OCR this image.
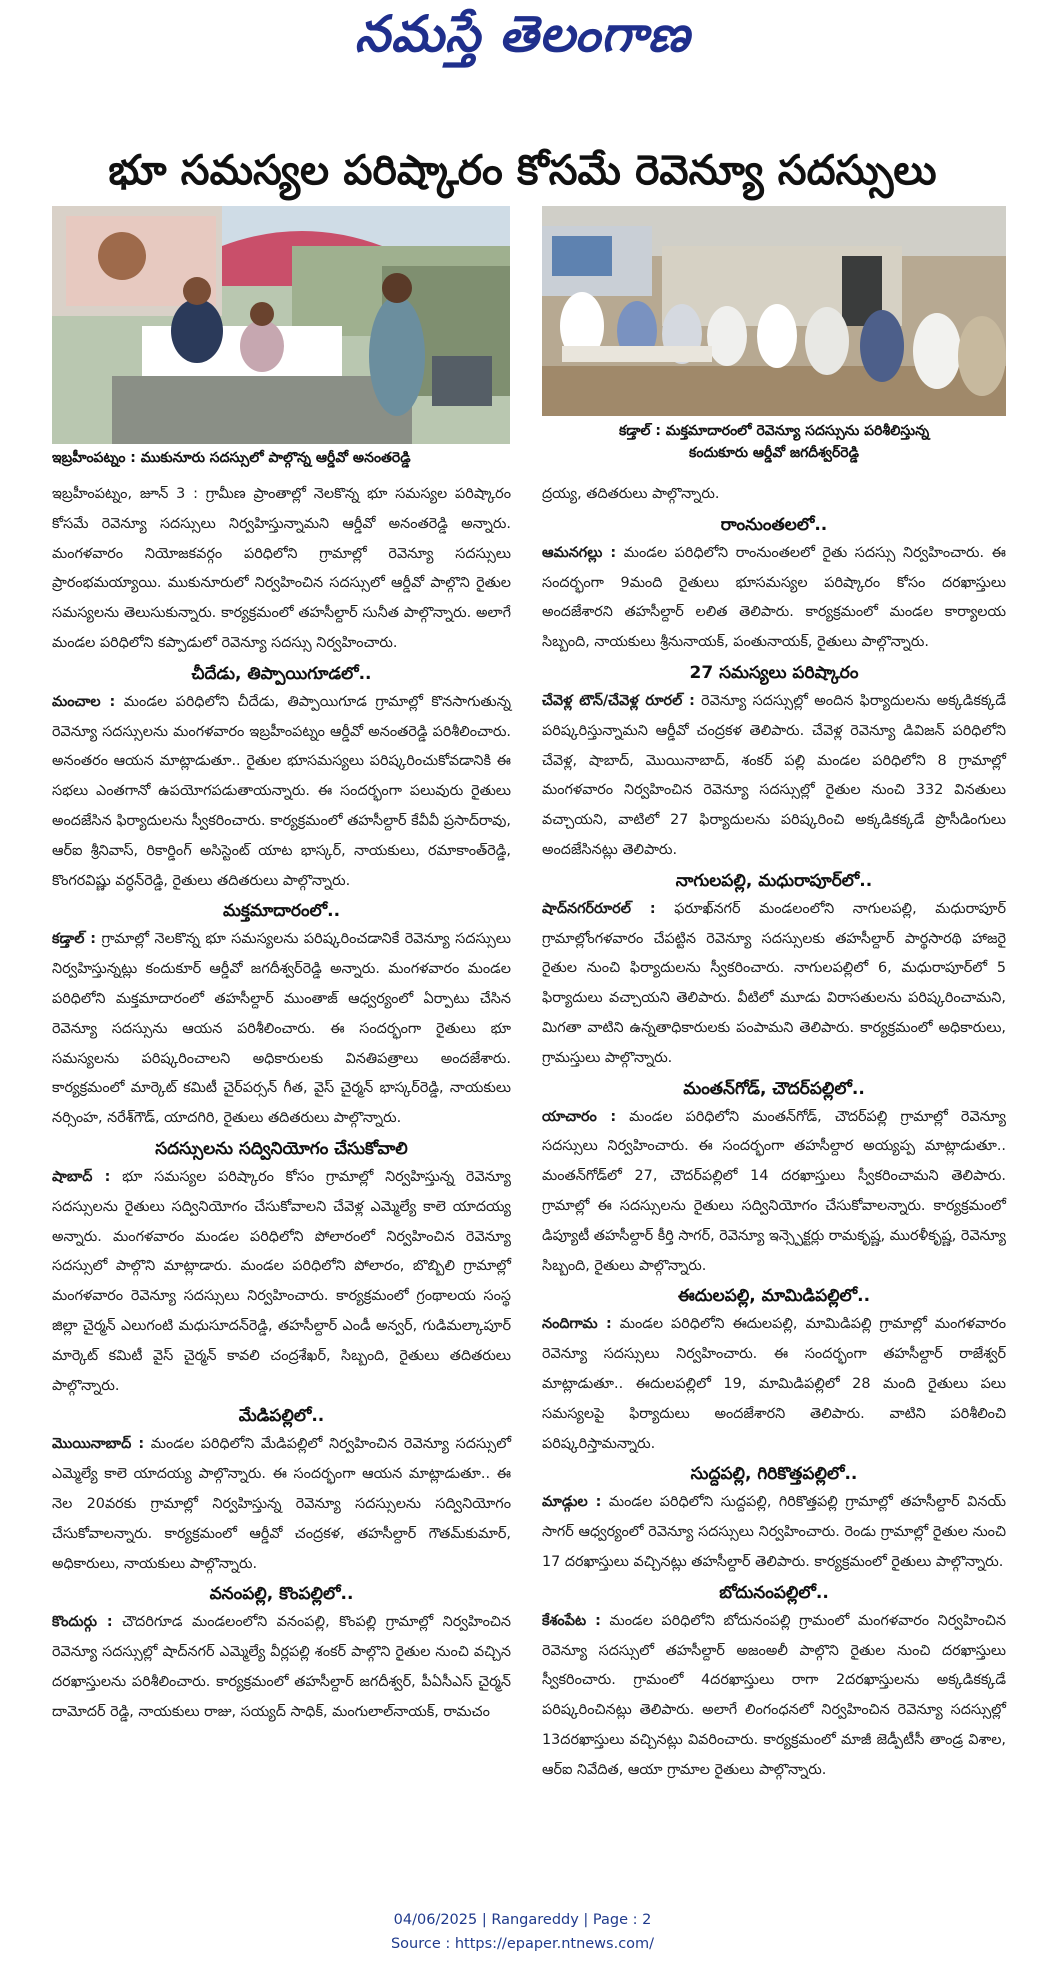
నమస్తే తెలంగాణ
భూ సమస్యల పరిష్కారం కోసమే రెవెన్యూ సదస్సులు
ఇబ్రహీంపట్నం : ముకునూరు సదస్సులో పాల్గొన్న ఆర్డీవో అనంతరెడ్డి
కడ్తాల్ : మక్తమాదారంలో రెవెన్యూ సదస్సును పరిశీలిస్తున్న
కందుకూరు ఆర్డీవో జగదీశ్వర్‌రెడ్డి

ఇబ్రహీంపట్నం, జూన్ 3 : గ్రామీణ ప్రాంతాల్లో నెలకొన్న భూ సమస్యల పరిష్కారం కోసమే రెవెన్యూ సదస్సులు నిర్వహిస్తున్నామని ఆర్డీవో అనంతరెడ్డి అన్నారు. మంగళవారం నియోజకవర్గం పరిధిలోని గ్రామాల్లో రెవెన్యూ సదస్సులు ప్రారంభమయ్యాయి. ముకునూరులో నిర్వహించిన సదస్సులో ఆర్డీవో పాల్గొని రైతుల సమస్యలను తెలుసుకున్నారు. కార్యక్రమంలో తహసీల్దార్ సునీత పాల్గొన్నారు. అలాగే మండల పరిధిలోని కప్పాడులో రెవెన్యూ సదస్సు నిర్వహించారు.

చీదేడు, తిప్పాయిగూడలో..

మంచాల : మండల పరిధిలోని చీదేడు, తిప్పాయిగూడ గ్రామాల్లో కొనసాగుతున్న రెవెన్యూ సదస్సులను మంగళవారం ఇబ్రహీంపట్నం ఆర్డీవో అనంతరెడ్డి పరిశీలించారు. అనంతరం ఆయన మాట్లాడుతూ.. రైతుల భూసమస్యలు పరిష్కరించుకోవడానికి ఈ సభలు ఎంతగానో ఉపయోగపడుతాయన్నారు. ఈ సందర్భంగా పలువురు రైతులు అందజేసిన ఫిర్యాదులను స్వీకరించారు. కార్యక్రమంలో తహసీల్దార్ కేవీవీ ప్రసాద్‌రావు, ఆర్‌ఐ శ్రీనివాస్, రికార్డింగ్ అసిస్టెంట్ యాట భాస్కర్, నాయకులు, రమాకాంత్‌రెడ్డి, కొంగరవిష్ణు వర్ధన్‌రెడ్డి, రైతులు తదితరులు పాల్గొన్నారు.

మక్తమాదారంలో..

కడ్తాల్ : గ్రామాల్లో నెలకొన్న భూ సమస్యలను పరిష్కరించడానికే రెవెన్యూ సదస్సులు నిర్వహిస్తున్నట్లు కందుకూర్ ఆర్డీవో జగదీశ్వర్‌రెడ్డి అన్నారు. మంగళవారం మండల పరిధిలోని మక్తమాదారంలో తహసీల్దార్ ముంతాజ్ ఆధ్వర్యంలో ఏర్పాటు చేసిన రెవెన్యూ సదస్సును ఆయన పరిశీలించారు. ఈ సందర్భంగా రైతులు భూ సమస్యలను పరిష్కరించాలని అధికారులకు వినతిపత్రాలు అందజేశారు. కార్యక్రమంలో మార్కెట్ కమిటీ చైర్‌పర్సన్ గీత, వైస్ చైర్మన్ భాస్కర్‌రెడ్డి, నాయకులు నర్సింహ, నరేశ్‌గౌడ్, యాదగిరి, రైతులు తదితరులు పాల్గొన్నారు.

సదస్సులను సద్వినియోగం చేసుకోవాలి

షాబాద్ : భూ సమస్యల పరిష్కారం కోసం గ్రామాల్లో నిర్వహిస్తున్న రెవెన్యూ సదస్సులను రైతులు సద్వినియోగం చేసుకోవాలని చేవెళ్ల ఎమ్మెల్యే కాలె యాదయ్య అన్నారు. మంగళవారం మండల పరిధిలోని పోలారంలో నిర్వహించిన రెవెన్యూ సదస్సులో పాల్గొని మాట్లాడారు. మండల పరిధిలోని పోలారం, బొబ్బిలి గ్రామాల్లో మంగళవారం రెవెన్యూ సదస్సులు నిర్వహించారు. కార్యక్రమంలో గ్రంథాలయ సంస్థ జిల్లా చైర్మన్ ఎలుగంటి మధుసూదన్‌రెడ్డి, తహసీల్దార్ ఎండీ అన్వర్, గుడిమల్కాపూర్ మార్కెట్ కమిటీ వైస్ చైర్మన్ కావలి చంద్రశేఖర్, సిబ్బంది, రైతులు తదితరులు పాల్గొన్నారు.

మేడిపల్లిలో..

మొయినాబాద్ : మండల పరిధిలోని మేడిపల్లిలో నిర్వహించిన రెవెన్యూ సదస్సులో ఎమ్మెల్యే కాలె యాదయ్య పాల్గొన్నారు. ఈ సందర్భంగా ఆయన మాట్లాడుతూ.. ఈ నెల 20వరకు గ్రామాల్లో నిర్వహిస్తున్న రెవెన్యూ సదస్సులను సద్వినియోగం చేసుకోవాలన్నారు. కార్యక్రమంలో ఆర్డీవో చంద్రకళ, తహసీల్దార్ గౌతమ్‌కుమార్, అధికారులు, నాయకులు పాల్గొన్నారు.

వనంపల్లి, కొంపల్లిలో..

కొందుర్గు : చౌదరిగూడ మండలంలోని వనంపల్లి, కొంపల్లి గ్రామాల్లో నిర్వహించిన రెవెన్యూ సదస్సుల్లో షాద్‌నగర్ ఎమ్మెల్యే వీర్లపల్లి శంకర్ పాల్గొని రైతుల నుంచి వచ్చిన దరఖాస్తులను పరిశీలించారు. కార్యక్రమంలో తహసీల్దార్ జగదీశ్వర్, పీఏసీఎస్ చైర్మన్ దామోదర్ రెడ్డి, నాయకులు రాజు, సయ్యద్ సాధిక్, మంగులాల్‌నాయక్, రామచం

ద్రయ్య, తదితరులు పాల్గొన్నారు.

రాంనుంతలలో..

ఆమనగల్లు : మండల పరిధిలోని రాంనుంతలలో రైతు సదస్సు నిర్వహించారు. ఈ సందర్భంగా 9మంది రైతులు భూసమస్యల పరిష్కారం కోసం దరఖాస్తులు అందజేశారని తహసీల్దార్ లలిత తెలిపారు. కార్యక్రమంలో మండల కార్యాలయ సిబ్బంది, నాయకులు శ్రీనునాయక్, పంతునాయక్, రైతులు పాల్గొన్నారు.

27 సమస్యలు పరిష్కారం

చేవెళ్ల టౌన్/చేవెళ్ల రూరల్ : రెవెన్యూ సదస్సుల్లో అందిన ఫిర్యాదులను అక్కడికక్కడే పరిష్కరిస్తున్నామని ఆర్డీవో చంద్రకళ తెలిపారు. చేవెళ్ల రెవెన్యూ డివిజన్ పరిధిలోని చేవెళ్ల, షాబాద్, మొయినాబాద్, శంకర్ పల్లి మండల పరిధిలోని 8 గ్రామాల్లో మంగళవారం నిర్వహించిన రెవెన్యూ సదస్సుల్లో రైతుల నుంచి 332 వినతులు వచ్చాయని, వాటిలో 27 ఫిర్యాదులను పరిష్కరించి అక్కడికక్కడే ప్రొసీడింగులు అందజేసినట్లు తెలిపారు.

నాగులపల్లి, మధురాపూర్‌లో..

షాద్‌నగర్‌రూరల్ : ఫరూఖ్‌నగర్ మండలంలోని నాగులపల్లి, మధురాపూర్ గ్రామాల్లోంగళవారం చేపట్టిన రెవెన్యూ సదస్సులకు తహసీల్దార్ పార్థసారథి హాజరై రైతుల నుంచి ఫిర్యాదులను స్వీకరించారు. నాగులపల్లిలో 6, మధురాపూర్‌లో 5 ఫిర్యాదులు వచ్చాయని తెలిపారు. వీటిలో మూడు విరాసతులను పరిష్కరించామని, మిగతా వాటిని ఉన్నతాధికారులకు పంపామని తెలిపారు. కార్యక్రమంలో అధికారులు, గ్రామస్తులు పాల్గొన్నారు.

మంతన్‌గోడ్, చౌదర్‌పల్లిలో..

యాచారం : మండల పరిధిలోని మంతన్‌గోడ్, చౌదర్‌పల్లి గ్రామాల్లో రెవెన్యూ సదస్సులు నిర్వహించారు. ఈ సందర్భంగా తహసీల్దార అయ్యప్ప మాట్లాడుతూ.. మంతన్‌గోడ్‌లో 27, చౌదర్‌పల్లిలో 14 దరఖాస్తులు స్వీకరించామని తెలిపారు. గ్రామాల్లో ఈ సదస్సులను రైతులు సద్వినియోగం చేసుకోవాలన్నారు. కార్యక్రమంలో డిప్యూటీ తహసీల్దార్ కీర్తి సాగర్, రెవెన్యూ ఇన్స్పెక్టర్లు రామకృష్ణ, మురళీకృష్ణ, రెవెన్యూ సిబ్బంది, రైతులు పాల్గొన్నారు.

ఈదులపల్లి, మామిడిపల్లిలో..

నందిగామ : మండల పరిధిలోని ఈదులపల్లి, మామిడిపల్లి గ్రామాల్లో మంగళవారం రెవెన్యూ సదస్సులు నిర్వహించారు. ఈ సందర్భంగా తహసీల్దార్ రాజేశ్వర్ మాట్లాడుతూ.. ఈదులపల్లిలో 19, మామిడిపల్లిలో 28 మంది రైతులు పలు సమస్యలపై ఫిర్యాదులు అందజేశారని తెలిపారు. వాటిని పరిశీలించి పరిష్కరిస్తామన్నారు.

సుద్దపల్లి, గిరికొత్తపల్లిలో..

మాడ్గుల : మండల పరిధిలోని సుద్దపల్లి, గిరికొత్తపల్లి గ్రామాల్లో తహసీల్దార్ వినయ్ సాగర్ ఆధ్వర్యంలో రెవెన్యూ సదస్సులు నిర్వహించారు. రెండు గ్రామాల్లో రైతుల నుంచి 17 దరఖాస్తులు వచ్చినట్లు తహసీల్దార్ తెలిపారు. కార్యక్రమంలో రైతులు పాల్గొన్నారు.

బోదునంపల్లిలో..

కేశంపేట : మండల పరిధిలోని బోదునంపల్లి గ్రామంలో మంగళవారం నిర్వహించిన రెవెన్యూ సదస్సులో తహసీల్దార్ అజంఅలీ పాల్గొని రైతుల నుంచి దరఖాస్తులు స్వీకరించారు. గ్రామంలో 4దరఖాస్తులు రాగా 2దరఖాస్తులను అక్కడికక్కడే పరిష్కరించినట్లు తెలిపారు. అలాగే లింగంధనలో నిర్వహించిన రెవెన్యూ సదస్సుల్లో 13దరఖాస్తులు వచ్చినట్లు వివరించారు. కార్యక్రమంలో మాజీ జెడ్పీటీసీ తాండ్ర విశాల, ఆర్‌ఐ నివేదిత, ఆయా గ్రామాల రైతులు పాల్గొన్నారు.

04/06/2025 | Rangareddy | Page : 2
Source : https://epaper.ntnews.com/
